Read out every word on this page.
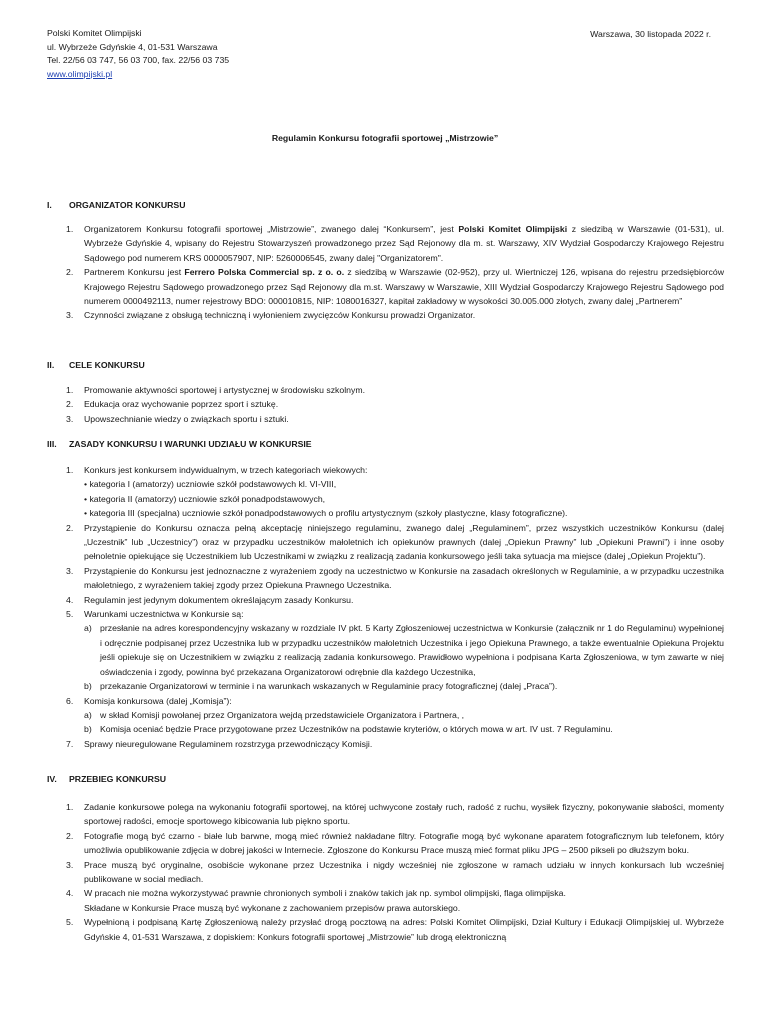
Polski Komitet Olimpijski
ul. Wybrzeże Gdyńskie 4, 01-531 Warszawa
Tel. 22/56 03 747, 56 03 700, fax. 22/56 03 735
www.olimpijski.pl
Warszawa, 30 listopada 2022 r.
Regulamin Konkursu fotografii sportowej „Mistrzowie”
I. ORGANIZATOR KONKURSU
1. Organizatorem Konkursu fotografii sportowej „Mistrzowie”, zwanego dalej “Konkursem”, jest Polski Komitet Olimpijski z siedzibą w Warszawie (01-531), ul. Wybrzeże Gdyńskie 4, wpisany do Rejestru Stowarzyszeń prowadzonego przez Sąd Rejonowy dla m. st. Warszawy, XIV Wydział Gospodarczy Krajowego Rejestru Sądowego pod numerem KRS 0000057907, NIP: 5260006545, zwany dalej "Organizatorem".
2. Partnerem Konkursu jest Ferrero Polska Commercial sp. z o. o. z siedzibą w Warszawie (02-952), przy ul. Wiertniczej 126, wpisana do rejestru przedsiębiorców Krajowego Rejestru Sądowego prowadzonego przez Sąd Rejonowy dla m.st. Warszawy w Warszawie, XIII Wydział Gospodarczy Krajowego Rejestru Sądowego pod numerem 0000492113, numer rejestrowy BDO: 000010815, NIP: 1080016327, kapitał zakładowy w wysokości 30.005.000 złotych, zwany dalej „Partnerem”
3. Czynności związane z obsługą techniczną i wyłonieniem zwycięzców Konkursu prowadzi Organizator.
II. CELE KONKURSU
1. Promowanie aktywności sportowej i artystycznej w środowisku szkolnym.
2. Edukacja oraz wychowanie poprzez sport i sztukę.
3. Upowszechnianie wiedzy o związkach sportu i sztuki.
III. ZASADY KONKURSU I WARUNKI UDZIAŁU W KONKURSIE
1. Konkurs jest konkursem indywidualnym, w trzech kategoriach wiekowych:
• kategoria I (amatorzy) uczniowie szkół podstawowych kl. VI-VIII,
• kategoria II (amatorzy) uczniowie szkół ponadpodstawowych,
• kategoria III (specjalna) uczniowie szkół ponadpodstawowych o profilu artystycznym (szkoły plastyczne, klasy fotograficzne).
2. Przystąpienie do Konkursu oznacza pełną akceptację niniejszego regulaminu, zwanego dalej „Regulaminem”, przez wszystkich uczestników Konkursu (dalej „Uczestnik” lub „Uczestnicy”) oraz w przypadku uczestników małoletnich ich opiekunów prawnych (dalej „Opiekun Prawny” lub „Opiekuni Prawni”) i inne osoby pełnoletnie opiekujące się Uczestnikiem lub Uczestnikami w związku z realizacją zadania konkursowego jeśli taka sytuacja ma miejsce (dalej „Opiekun Projektu”).
3. Przystąpienie do Konkursu jest jednoznaczne z wyrażeniem zgody na uczestnictwo w Konkursie na zasadach określonych w Regulaminie, a w przypadku uczestnika małoletniego, z wyrażeniem takiej zgody przez Opiekuna Prawnego Uczestnika.
4. Regulamin jest jedynym dokumentem określającym zasady Konkursu.
5. Warunkami uczestnictwa w Konkursie są:
a) przesłanie na adres korespondencyjny wskazany w rozdziale IV pkt. 5 Karty Zgłoszeniowej uczestnictwa w Konkursie (załącznik nr 1 do Regulaminu) wypełnionej i odręcznie podpisanej przez Uczestnika lub w przypadku uczestników małoletnich Uczestnika i jego Opiekuna Prawnego, a także ewentualnie Opiekuna Projektu jeśli opiekuje się on Uczestnikiem w związku z realizacją zadania konkursowego. Prawidłowo wypełniona i podpisana Karta Zgłoszeniowa, w tym zawarte w niej oświadczenia i zgody, powinna być przekazana Organizatorowi odrębnie dla każdego Uczestnika,
b) przekazanie Organizatorowi w terminie i na warunkach wskazanych w Regulaminie pracy fotograficznej (dalej „Praca”).
6. Komisja konkursowa (dalej „Komisja”):
a) w skład Komisji powołanej przez Organizatora wejdą przedstawiciele Organizatora i Partnera, ,
b) Komisja oceniać będzie Prace przygotowane przez Uczestników na podstawie kryteriów, o których mowa w art. IV ust. 7 Regulaminu.
7. Sprawy nieuregulowane Regulaminem rozstrzyga przewodniczący Komisji.
IV. PRZEBIEG KONKURSU
1. Zadanie konkursowe polega na wykonaniu fotografii sportowej, na której uchwycone zostały ruch, radość z ruchu, wysiłek fizyczny, pokonywanie słabości, momenty sportowej radości, emocje sportowego kibicowania lub piękno sportu.
2. Fotografie mogą być czarno - białe lub barwne, mogą mieć również nakładane filtry. Fotografie mogą być wykonane aparatem fotograficznym lub telefonem, który umożliwia opublikowanie zdjęcia w dobrej jakości w Internecie. Zgłoszone do Konkursu Prace muszą mieć format pliku JPG – 2500 pikseli po dłuższym boku.
3. Prace muszą być oryginalne, osobiście wykonane przez Uczestnika i nigdy wcześniej nie zgłoszone w ramach udziału w innych konkursach lub wcześniej publikowane w social mediach.
4. W pracach nie można wykorzystywać prawnie chronionych symboli i znaków takich jak np. symbol olimpijski, flaga olimpijska.
Składane w Konkursie Prace muszą być wykonane z zachowaniem przepisów prawa autorskiego.
5. Wypełnioną i podpisaną Kartę Zgłoszeniową należy przysłać drogą pocztową na adres: Polski Komitet Olimpijski, Dział Kultury i Edukacji Olimpijskiej ul. Wybrzeże Gdyńskie 4, 01-531 Warszawa, z dopiskiem: Konkurs fotografii sportowej „Mistrzowie” lub drogą elektroniczną
